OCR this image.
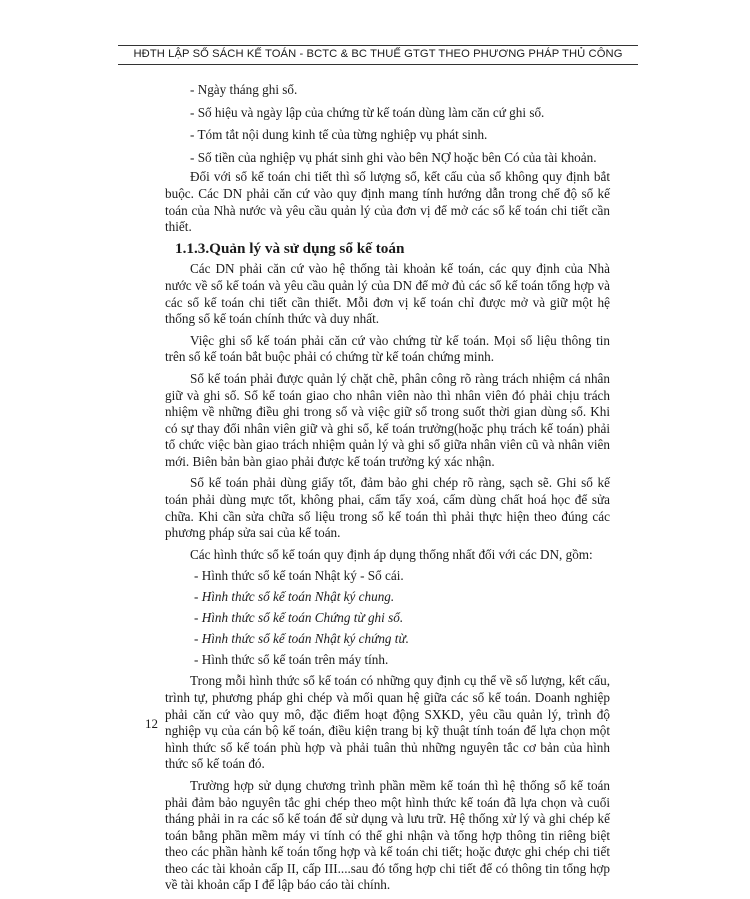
HĐTH LẬP SỔ SÁCH KẾ TOÁN - BCTC & BC THUẾ GTGT THEO PHƯƠNG PHÁP THỦ CÔNG

- Ngày tháng ghi sổ.

- Số hiệu và ngày lập của chứng từ kế toán dùng làm căn cứ ghi sổ.

- Tóm tắt nội dung kinh tế của từng nghiệp vụ phát sinh.

- Số tiền của nghiệp vụ phát sinh ghi vào bên NỢ hoặc bên Có của tài khoản.

Đối với sổ kế toán chi tiết thì số lượng sổ, kết cấu của sổ không quy định bắt buộc. Các DN phải căn cứ vào quy định mang tính hướng dẫn trong chế độ sổ kế toán của Nhà nước và yêu cầu quản lý của đơn vị để mở các sổ kế toán chi tiết cần thiết.

1.1.3.Quản lý và sử dụng sổ kế toán

Các DN phải căn cứ vào hệ thống tài khoản kế toán, các quy định của Nhà nước về sổ kế toán và yêu cầu quản lý của DN để mở đủ các sổ kế toán tổng hợp và các sổ kế toán chi tiết cần thiết. Mỗi đơn vị kế toán chỉ được mở và giữ một hệ thống sổ kế toán chính thức và duy nhất.

Việc ghi sổ kế toán phải căn cứ vào chứng từ kế toán. Mọi số liệu thông tin trên sổ kế toán bắt buộc phải có chứng từ kế toán chứng minh.

Sổ kế toán phải được quản lý chặt chẽ, phân công rõ ràng trách nhiệm cá nhân giữ và ghi sổ. Sổ kế toán giao cho nhân viên nào thì nhân viên đó phải chịu trách nhiệm về những điều ghi trong sổ và việc giữ sổ trong suốt thời gian dùng sổ. Khi có sự thay đổi nhân viên giữ và ghi sổ, kế toán trưởng(hoặc phụ trách kế toán) phải tổ chức việc bàn giao trách nhiệm quản lý và ghi sổ giữa nhân viên cũ và nhân viên mới. Biên bản bàn giao phải được kế toán trưởng ký xác nhận.

Sổ kế toán phải dùng giấy tốt, đảm bảo ghi chép rõ ràng, sạch sẽ. Ghi sổ kế toán phải dùng mực tốt, không phai, cấm tẩy xoá, cấm dùng chất hoá học để sửa chữa. Khi cần sửa chữa số liệu trong sổ kế toán thì phải thực hiện theo đúng các phương pháp sửa sai của kế toán.

Các hình thức sổ kế toán quy định áp dụng thống nhất đối với các DN, gồm:

- Hình thức sổ kế toán Nhật ký - Sổ cái.

- Hình thức sổ kế toán Nhật ký chung.

- Hình thức sổ kế toán Chứng từ ghi sổ.

- Hình thức sổ kế toán Nhật ký chứng từ.

- Hình thức sổ kế toán trên máy tính.

Trong mỗi hình thức sổ kế toán có những quy định cụ thể về số lượng, kết cấu, trình tự, phương pháp ghi chép và mối quan hệ giữa các sổ kế toán. Doanh nghiệp phải căn cứ vào quy mô, đặc điểm hoạt động SXKD, yêu cầu quản lý, trình độ nghiệp vụ của cán bộ kế toán, điều kiện trang bị kỹ thuật tính toán để lựa chọn một hình thức sổ kế toán phù hợp và phải tuân thủ những nguyên tắc cơ bản của hình thức sổ kế toán đó.

Trường hợp sử dụng chương trình phần mềm kế toán thì hệ thống sổ kế toán phải đảm bảo nguyên tắc ghi chép theo một hình thức kế toán đã lựa chọn và cuối tháng phải in ra các sổ kế toán để sử dụng và lưu trữ. Hệ thống xử lý và ghi chép kế toán bằng phần mềm máy vi tính có thể ghi nhận và tổng hợp thông tin riêng biệt theo các phần hành kế toán tổng hợp và kế toán chi tiết; hoặc được ghi chép chi tiết theo các tài khoản cấp II, cấp III....sau đó tổng hợp chi tiết để có thông tin tổng hợp về tài khoản cấp I để lập báo cáo tài chính.

12
